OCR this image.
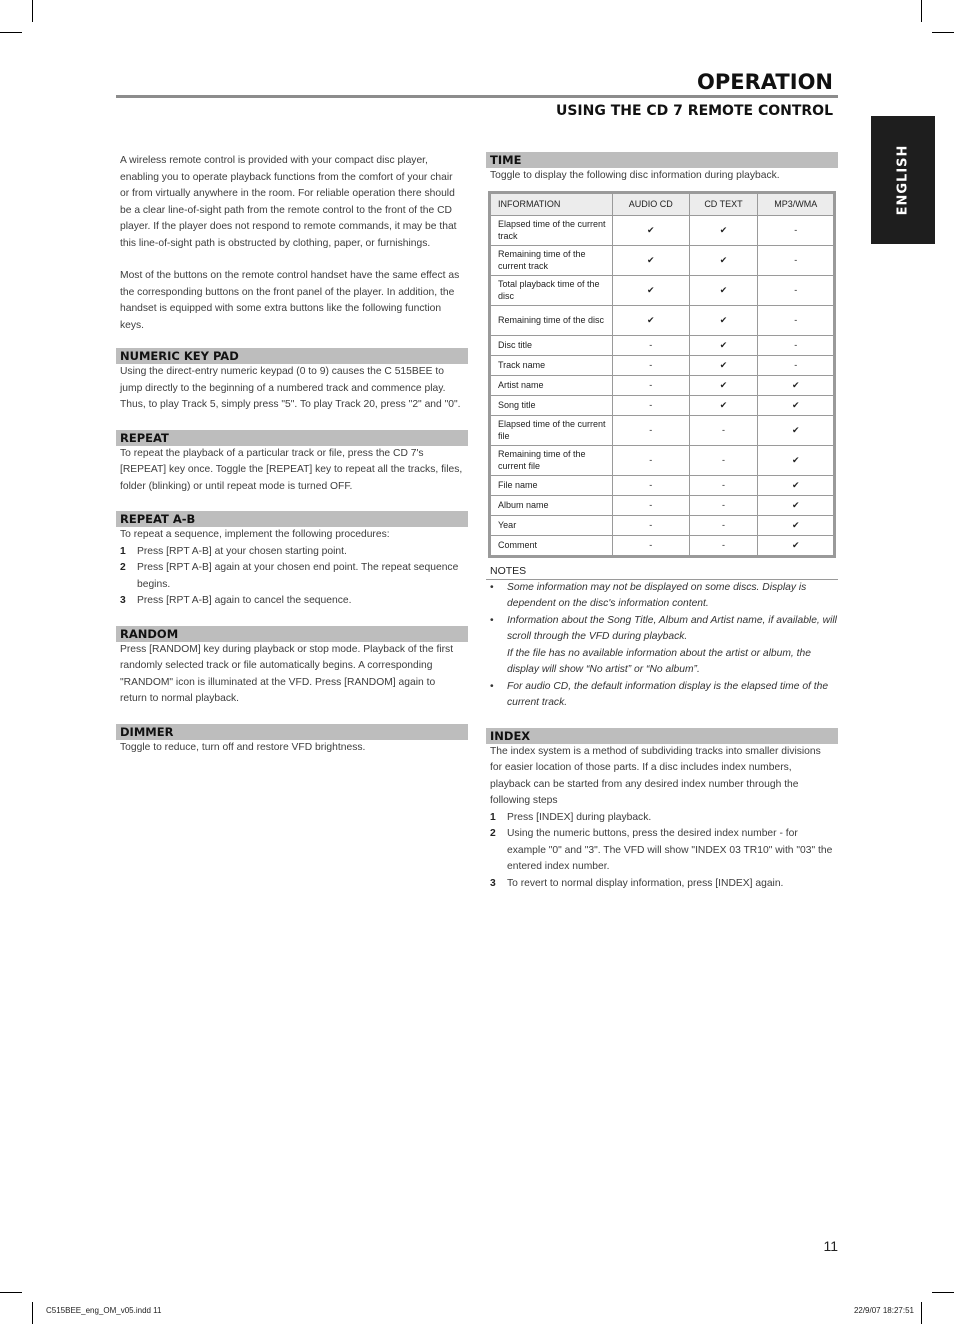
OPERATION
USING THE CD 7 REMOTE CONTROL
ENGLISH

A wireless remote control is provided with your compact disc player, enabling you to operate playback functions from the comfort of your chair or from virtually anywhere in the room. For reliable operation there should be a clear line-of-sight path from the remote control to the front of the CD player. If the player does not respond to remote commands, it may be that this line-of-sight path is obstructed by clothing, paper, or furnishings.

Most of the buttons on the remote control handset have the same effect as the corresponding buttons on the front panel of the player. In addition, the handset is equipped with some extra buttons like the following function keys.

NUMERIC KEY PAD

Using the direct-entry numeric keypad (0 to 9) causes the C 515BEE to jump directly to the beginning of a numbered track and commence play. Thus, to play Track 5, simply press "5". To play Track 20, press "2" and "0".

REPEAT

To repeat the playback of a particular track or file, press the CD 7's [REPEAT] key once. Toggle the [REPEAT] key to repeat all the tracks, files, folder (blinking) or until repeat mode is turned OFF.

REPEAT A-B

To repeat a sequence, implement the following procedures:

1	Press [RPT A-B] at your chosen starting point.
2	Press [RPT A-B] again at your chosen end point. The repeat sequence begins.
3	Press [RPT A-B] again to cancel the sequence.
RANDOM

Press [RANDOM] key during playback or stop mode. Playback of the first randomly selected track or file automatically begins. A corresponding "RANDOM" icon is illuminated at the VFD. Press [RANDOM] again to return to normal playback.

DIMMER

Toggle to reduce, turn off and restore VFD brightness.

TIME

Toggle to display the following disc information during playback.

INFORMATION	AUDIO CD	CD TEXT	MP3/WMA
Elapsed time of the current track	✔	✔	-
Remaining time of the current track	✔	✔	-
Total playback time of the disc	✔	✔	-
Remaining time of the disc	✔	✔	-
Disc title	-	✔	-
Track name	-	✔	-
Artist name	-	✔	✔
Song title	-	✔	✔
Elapsed time of the current file	-	-	✔
Remaining time of the current file	-	-	✔
File name	-	-	✔
Album name	-	-	✔
Year	-	-	✔
Comment	-	-	✔
NOTES
•	Some information may not be displayed on some discs. Display is dependent on the disc's information content.
•	Information about the Song Title, Album and Artist name, if available, will scroll through the VFD during playback.
If the file has no available information about the artist or album, the display will show “No artist” or “No album”.
•	For audio CD, the default information display is the elapsed time of the current track.
INDEX

The index system is a method of subdividing tracks into smaller divisions for easier location of those parts. If a disc includes index numbers, playback can be started from any desired index number through the following steps

1	Press [INDEX] during playback.
2	Using the numeric buttons, press the desired index number - for example "0" and "3". The VFD will show "INDEX 03 TR10" with "03" the entered index number.
3	To revert to normal display information, press [INDEX] again.
11
C515BEE_eng_OM_v05.indd 11	22/9/07 18:27:51
